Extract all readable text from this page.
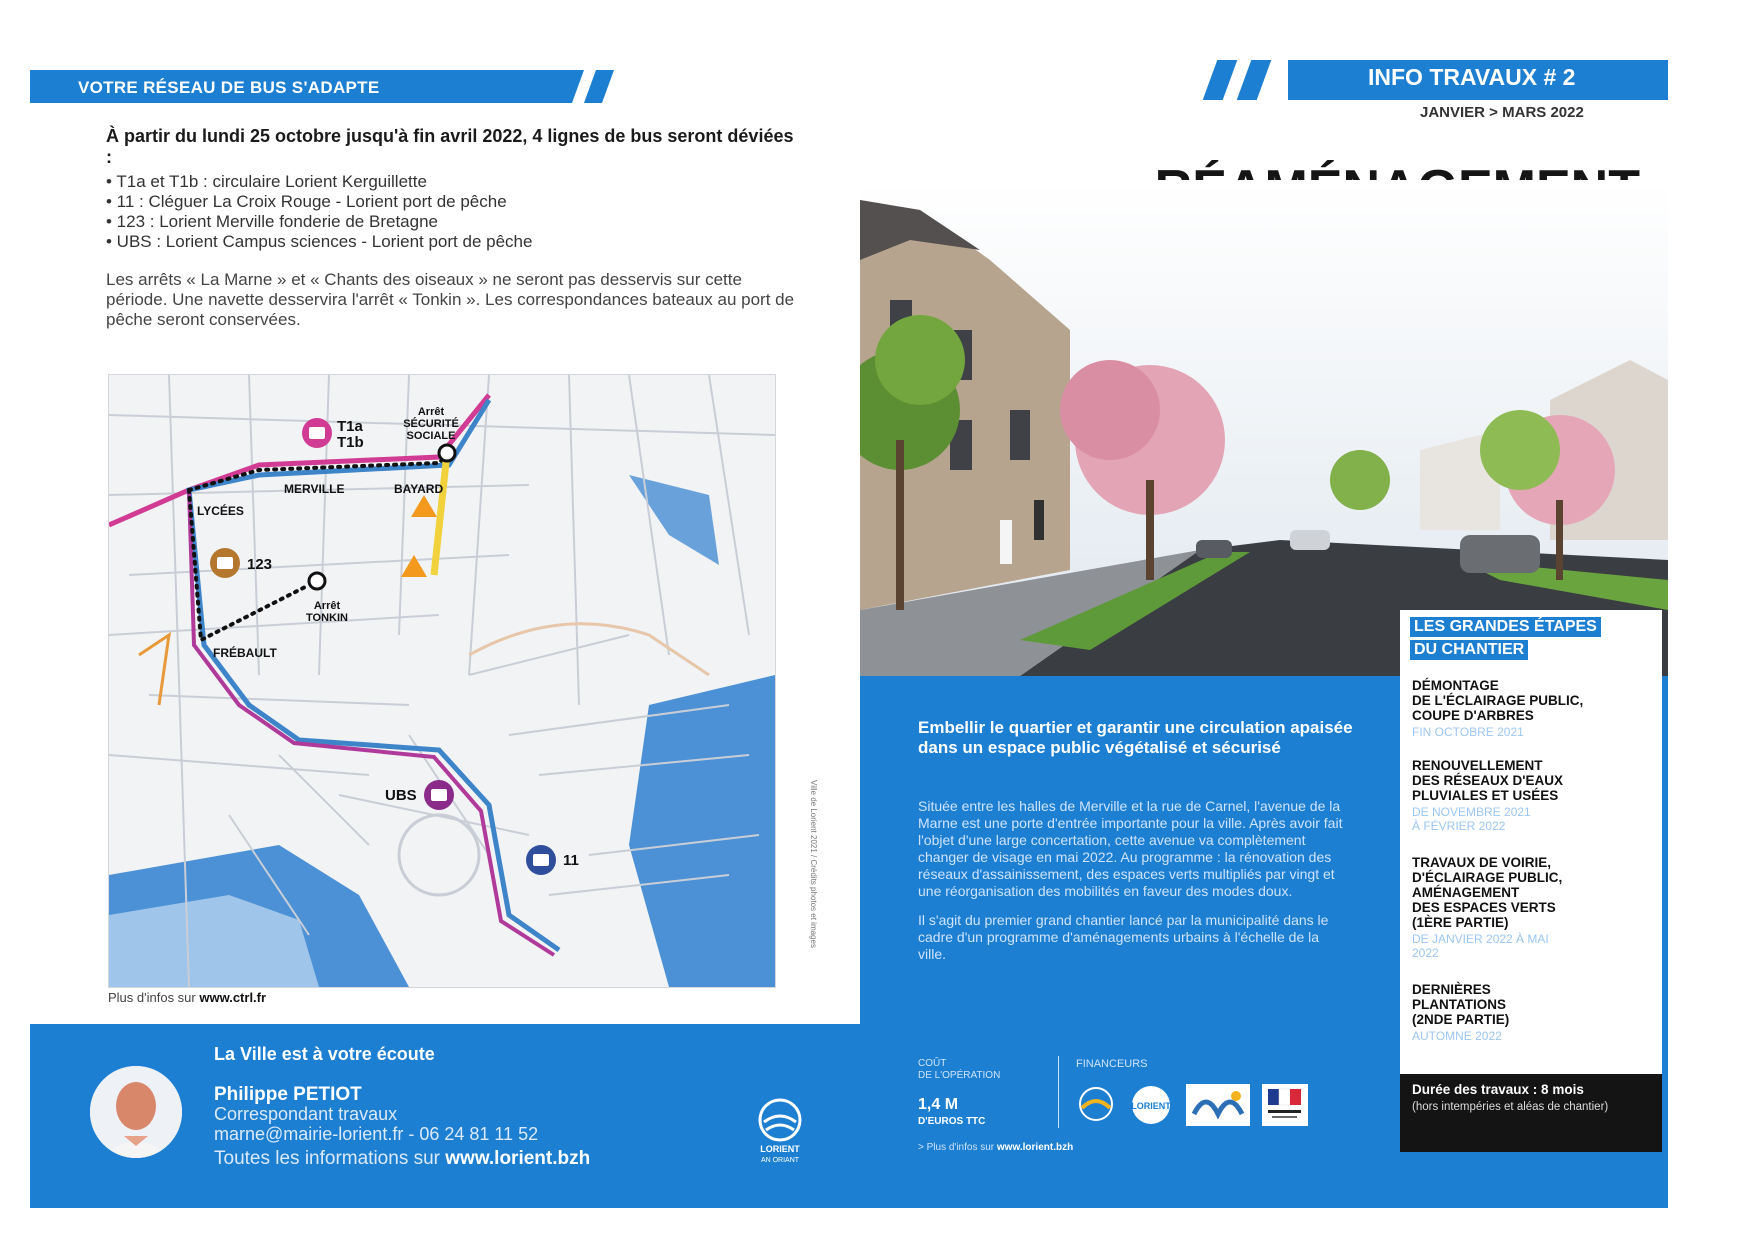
VOTRE RÉSEAU DE BUS S'ADAPTE
À partir du lundi 25 octobre jusqu'à fin avril 2022, 4 lignes de bus seront déviées :
• T1a et T1b : circulaire Lorient Kerguillette
• 11 : Cléguer La Croix Rouge - Lorient port de pêche
• 123 : Lorient Merville fonderie de Bretagne
• UBS : Lorient Campus sciences - Lorient port de pêche
Les arrêts « La Marne » et « Chants des oiseaux » ne seront pas desservis sur cette période. Une navette desservira l'arrêt « Tonkin ». Les correspondances bateaux au port de pêche seront conservées.
T1a
T1b
Arrêt
SÉCURITÉ
SOCIALE
MERVILLE	BAYARD
LYCÉES
123
Arrêt
TONKIN
FRÉBAULT
UBS
11
Plus d'infos sur www.ctrl.fr
Ville de Lorient 2021 / Crédits photos et images
La Ville est à votre écoute
Philippe PETIOT
Correspondant travaux
marne@mairie-lorient.fr - 06 24 81 11 52
Toutes les informations sur www.lorient.bzh	LORIENT
AN ORIANT
INFO TRAVAUX # 2
JANVIER > MARS 2022
Embellir le quartier et garantir une circulation apaisée dans un espace public végétalisé et sécurisé
Située entre les halles de Merville et la rue de Carnel, l'avenue de la Marne est une porte d'entrée importante pour la ville. Après avoir fait l'objet d'une large concertation, cette avenue va complètement changer de visage en mai 2022. Au programme : la rénovation des réseaux d'assainissement, des espaces verts multipliés par vingt et une réorganisation des mobilités en faveur des modes doux.
Il s'agit du premier grand chantier lancé par la municipalité dans le cadre d'un programme d'aménagements urbains à l'échelle de la ville.
COÛT
DE L'OPÉRATION
1,4 M
D'EUROS TTC
FINANCEURS
> Plus d'infos sur www.lorient.bzh
LORIENT
LES GRANDES ÉTAPES
DU CHANTIER
DÉMONTAGE
DE L'ÉCLAIRAGE PUBLIC,
COUPE D'ARBRES
FIN OCTOBRE 2021
RENOUVELLEMENT
DES RÉSEAUX D'EAUX
PLUVIALES ET USÉES
DE NOVEMBRE 2021
À FÉVRIER 2022
TRAVAUX DE VOIRIE,
D'ÉCLAIRAGE PUBLIC,
AMÉNAGEMENT
DES ESPACES VERTS
(1ÈRE PARTIE)
DE JANVIER 2022 À MAI
2022
DERNIÈRES
PLANTATIONS
(2NDE PARTIE)
AUTOMNE 2022
Durée des travaux : 8 mois
(hors intempéries et aléas de chantier)
